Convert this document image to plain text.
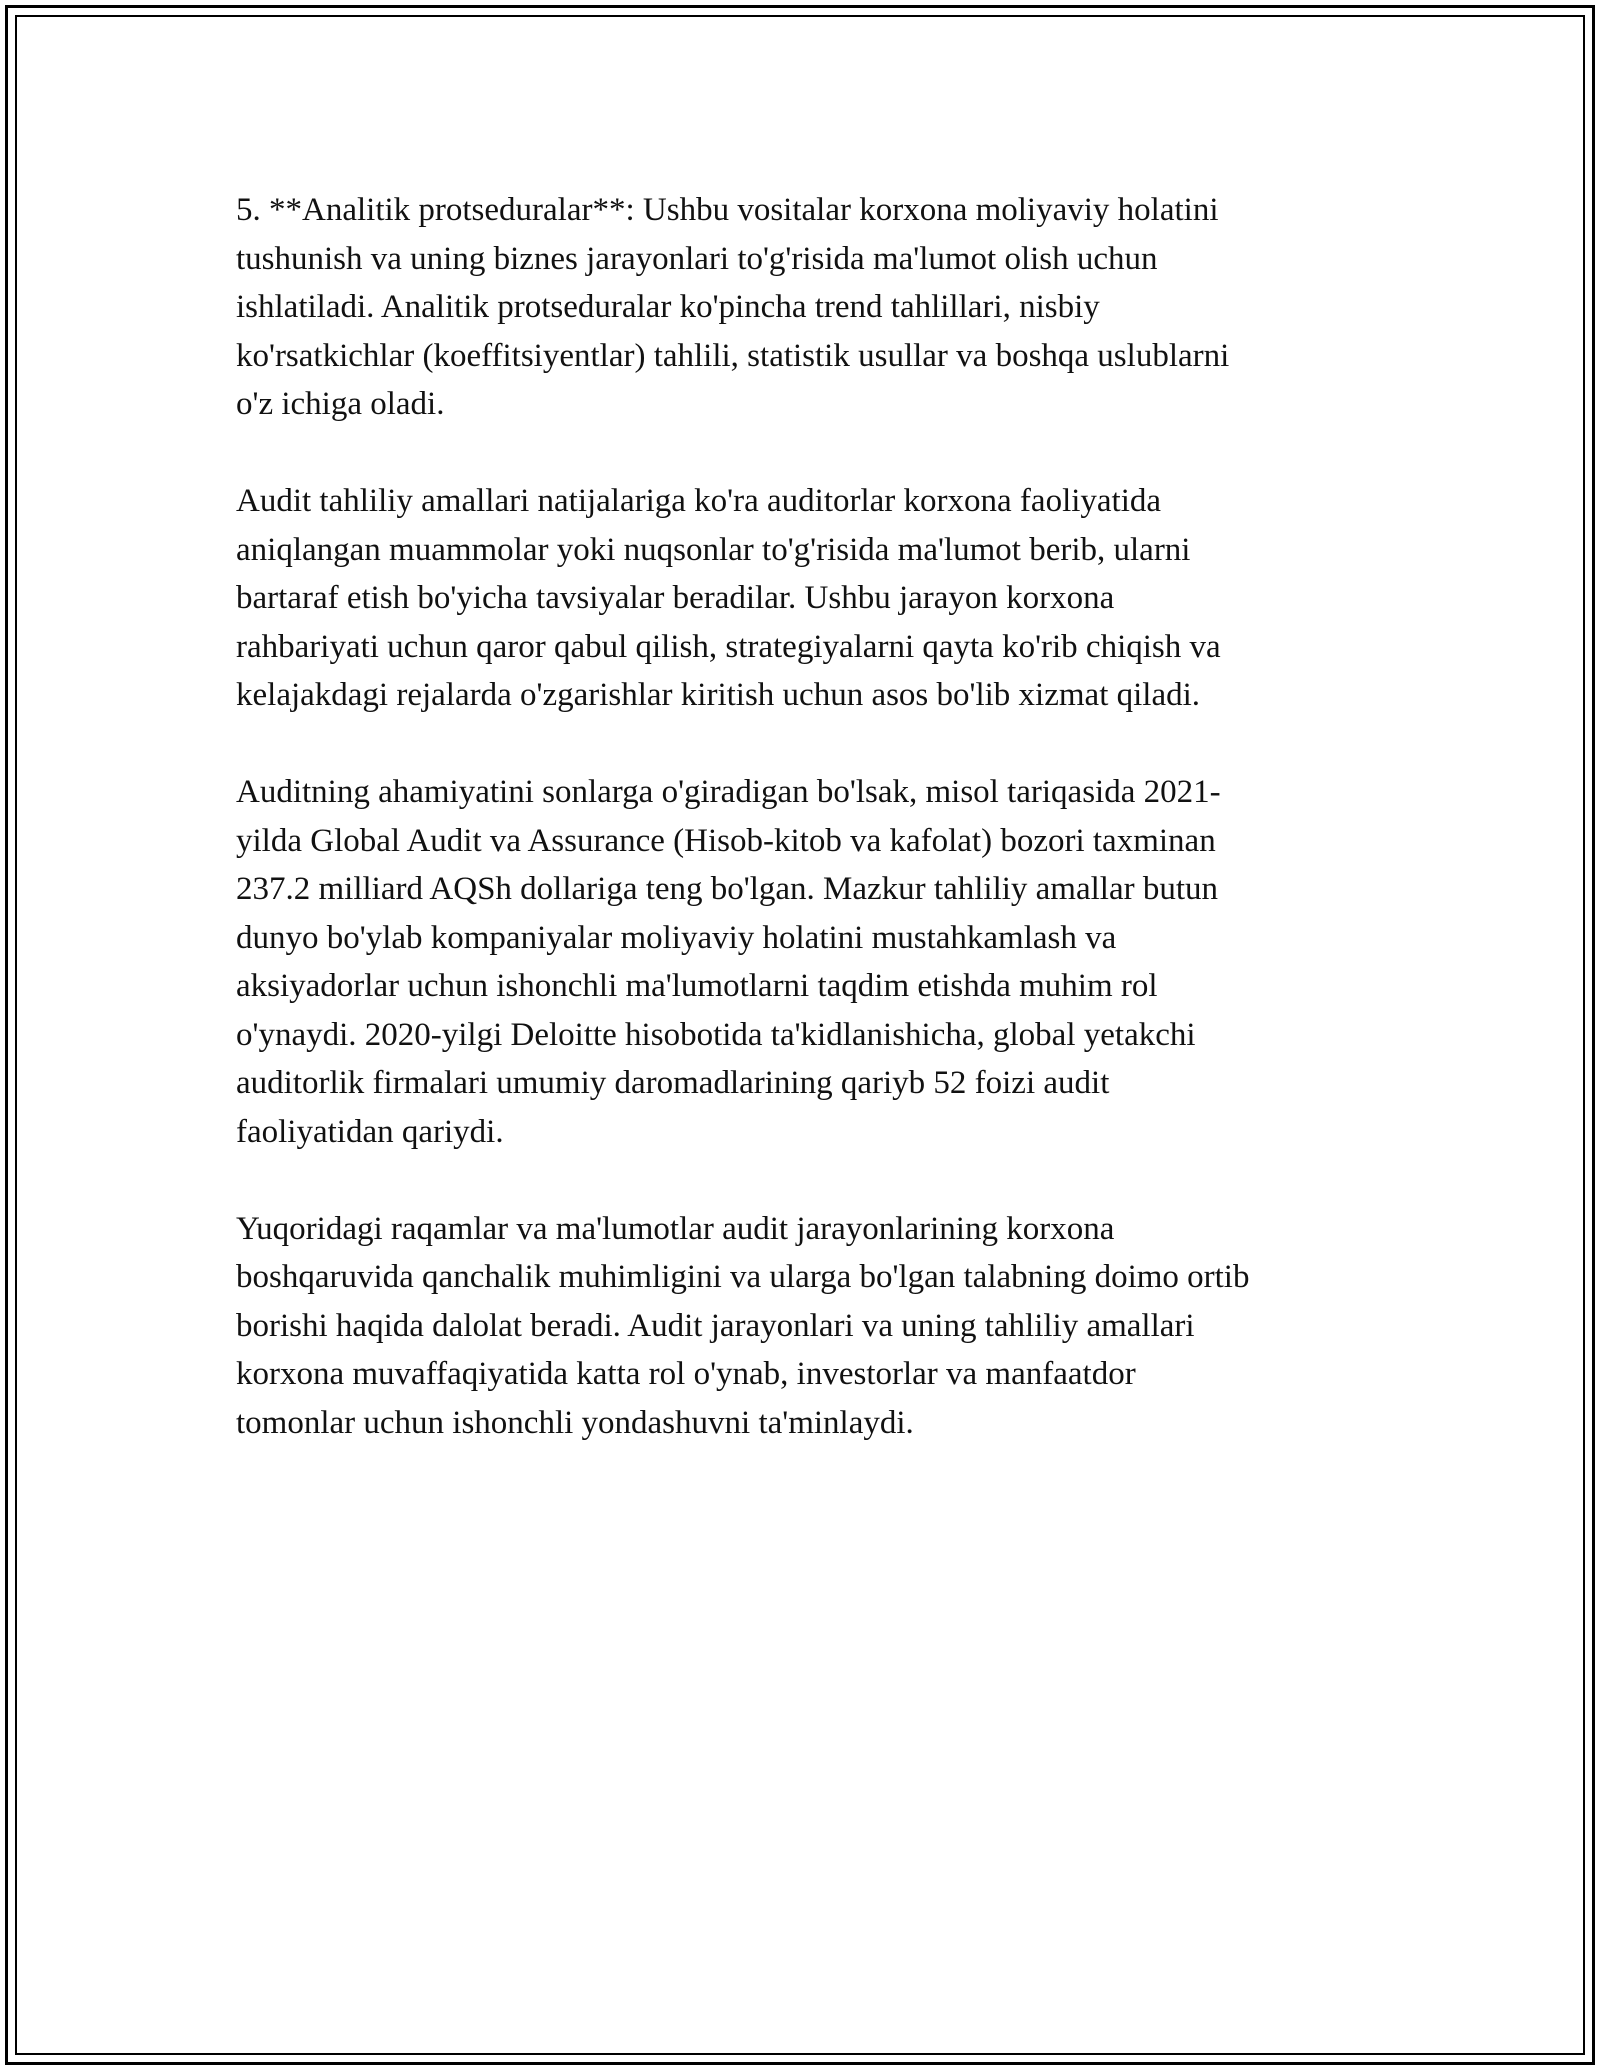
5. **Analitik protseduralar**: Ushbu vositalar korxona moliyaviy holatini
tushunish va uning biznes jarayonlari to'g'risida ma'lumot olish uchun
ishlatiladi. Analitik protseduralar ko'pincha trend tahlillari, nisbiy
ko'rsatkichlar (koeffitsiyentlar) tahlili, statistik usullar va boshqa uslublarni
o'z ichiga oladi.

Audit tahliliy amallari natijalariga ko'ra auditorlar korxona faoliyatida
aniqlangan muammolar yoki nuqsonlar to'g'risida ma'lumot berib, ularni
bartaraf etish bo'yicha tavsiyalar beradilar. Ushbu jarayon korxona
rahbariyati uchun qaror qabul qilish, strategiyalarni qayta ko'rib chiqish va
kelajakdagi rejalarda o'zgarishlar kiritish uchun asos bo'lib xizmat qiladi.

Auditning ahamiyatini sonlarga o'giradigan bo'lsak, misol tariqasida 2021-
yilda Global Audit va Assurance (Hisob-kitob va kafolat) bozori taxminan
237.2 milliard AQSh dollariga teng bo'lgan. Mazkur tahliliy amallar butun
dunyo bo'ylab kompaniyalar moliyaviy holatini mustahkamlash va
aksiyadorlar uchun ishonchli ma'lumotlarni taqdim etishda muhim rol
o'ynaydi. 2020-yilgi Deloitte hisobotida ta'kidlanishicha, global yetakchi
auditorlik firmalari umumiy daromadlarining qariyb 52 foizi audit
faoliyatidan qariydi.

Yuqoridagi raqamlar va ma'lumotlar audit jarayonlarining korxona
boshqaruvida qanchalik muhimligini va ularga bo'lgan talabning doimo ortib
borishi haqida dalolat beradi. Audit jarayonlari va uning tahliliy amallari
korxona muvaffaqiyatida katta rol o'ynab, investorlar va manfaatdor
tomonlar uchun ishonchli yondashuvni ta'minlaydi.
